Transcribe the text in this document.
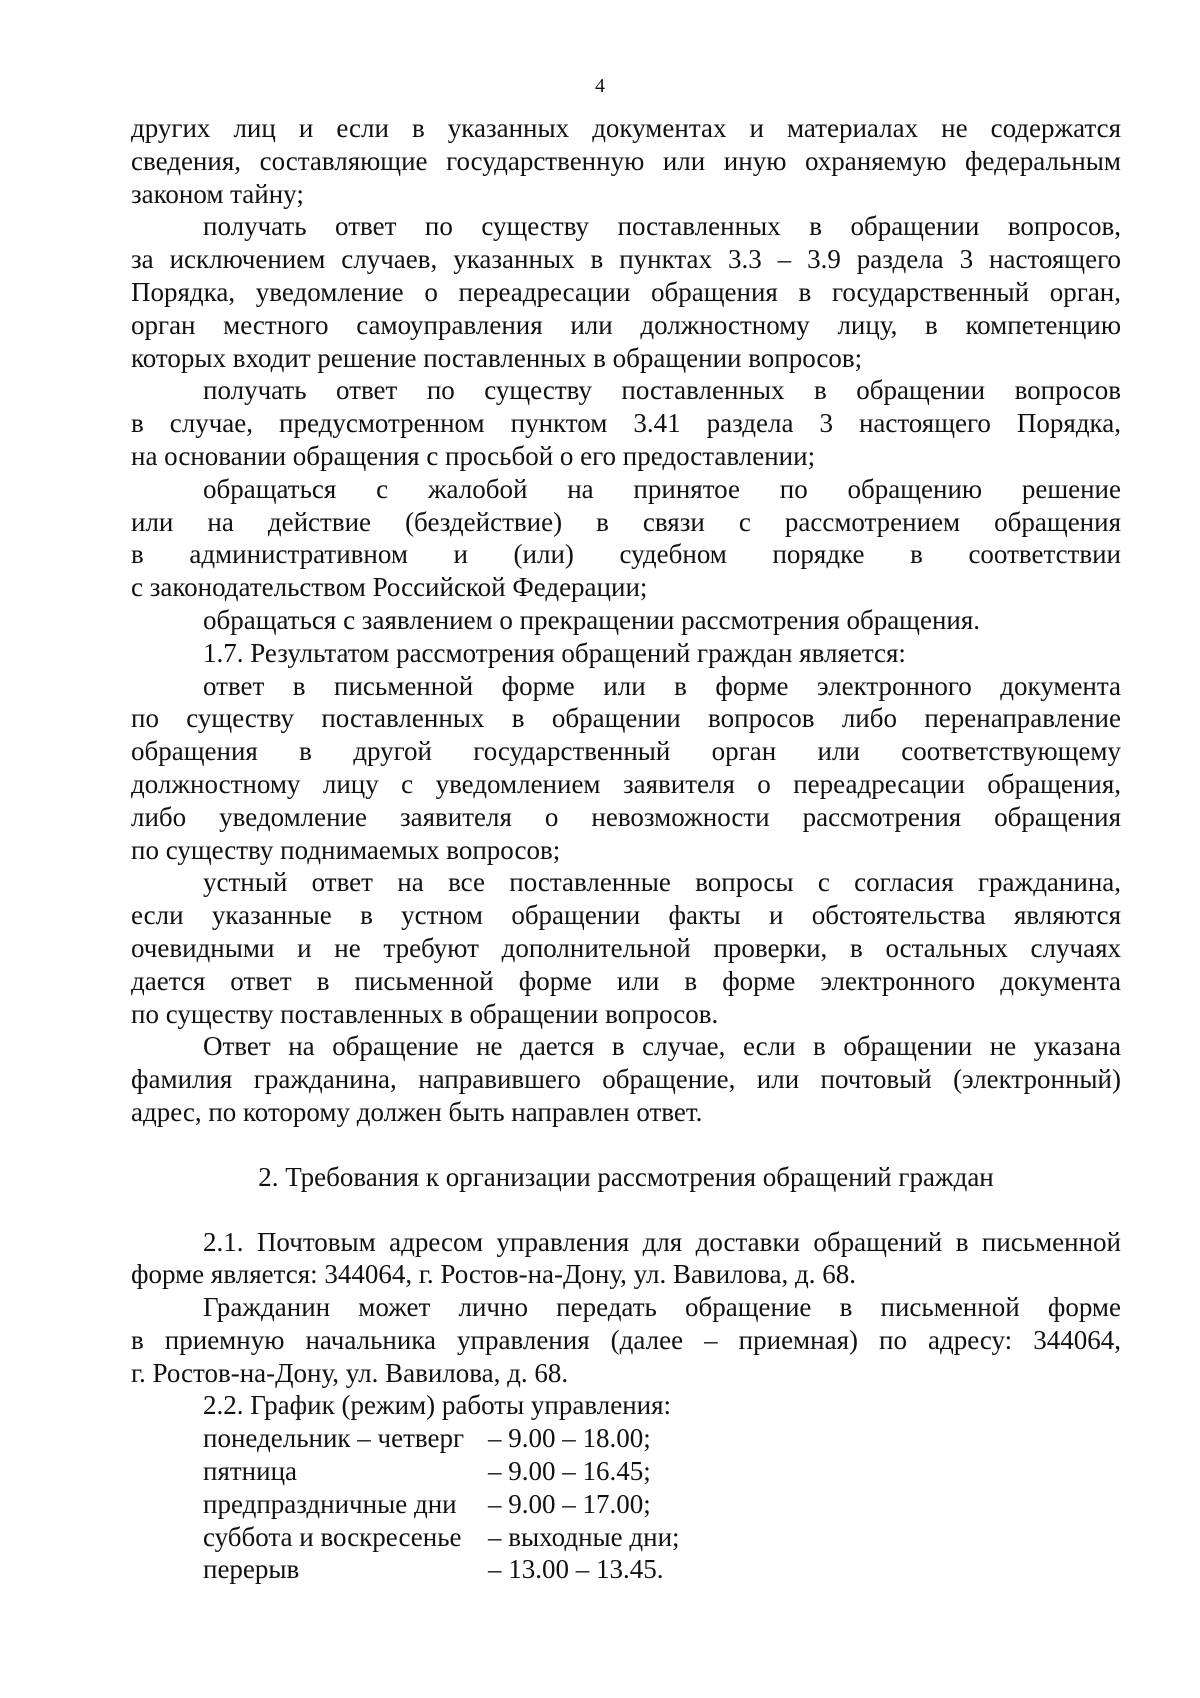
4
других лиц и если в указанных документах и материалах не содержатся
сведения, составляющие государственную или иную охраняемую федеральным
законом тайну;
получать ответ по существу поставленных в обращении вопросов,
за исключением случаев, указанных в пунктах 3.3 – 3.9 раздела 3 настоящего
Порядка, уведомление о переадресации обращения в государственный орган,
орган местного самоуправления или должностному лицу, в компетенцию
которых входит решение поставленных в обращении вопросов;
получать ответ по существу поставленных в обращении вопросов
в случае, предусмотренном пунктом 3.41 раздела 3 настоящего Порядка,
на основании обращения с просьбой о его предоставлении;
обращаться с жалобой на принятое по обращению решение
или на действие (бездействие) в связи с рассмотрением обращения
в административном и (или) судебном порядке в соответствии
с законодательством Российской Федерации;
обращаться с заявлением о прекращении рассмотрения обращения.
1.7. Результатом рассмотрения обращений граждан является:
ответ в письменной форме или в форме электронного документа
по существу поставленных в обращении вопросов либо перенаправление
обращения в другой государственный орган или соответствующему
должностному лицу с уведомлением заявителя о переадресации обращения,
либо уведомление заявителя о невозможности рассмотрения обращения
по существу поднимаемых вопросов;
устный ответ на все поставленные вопросы с согласия гражданина,
если указанные в устном обращении факты и обстоятельства являются
очевидными и не требуют дополнительной проверки, в остальных случаях
дается ответ в письменной форме или в форме электронного документа
по существу поставленных в обращении вопросов.
Ответ на обращение не дается в случае, если в обращении не указана
фамилия гражданина, направившего обращение, или почтовый (электронный)
адрес, по которому должен быть направлен ответ.
2. Требования к организации рассмотрения обращений граждан
2.1. Почтовым адресом управления для доставки обращений в письменной
форме является: 344064, г. Ростов-на-Дону, ул. Вавилова, д. 68.
Гражданин может лично передать обращение в письменной форме
в приемную начальника управления (далее – приемная) по адресу: 344064,
г. Ростов-на-Дону, ул. Вавилова, д. 68.
2.2. График (режим) работы управления:
понедельник – четверг – 9.00 – 18.00;
пятница	– 9.00 – 16.45;
предпраздничные дни	– 9.00 – 17.00;
суббота и воскресенье – выходные дни;
перерыв	– 13.00 – 13.45.
